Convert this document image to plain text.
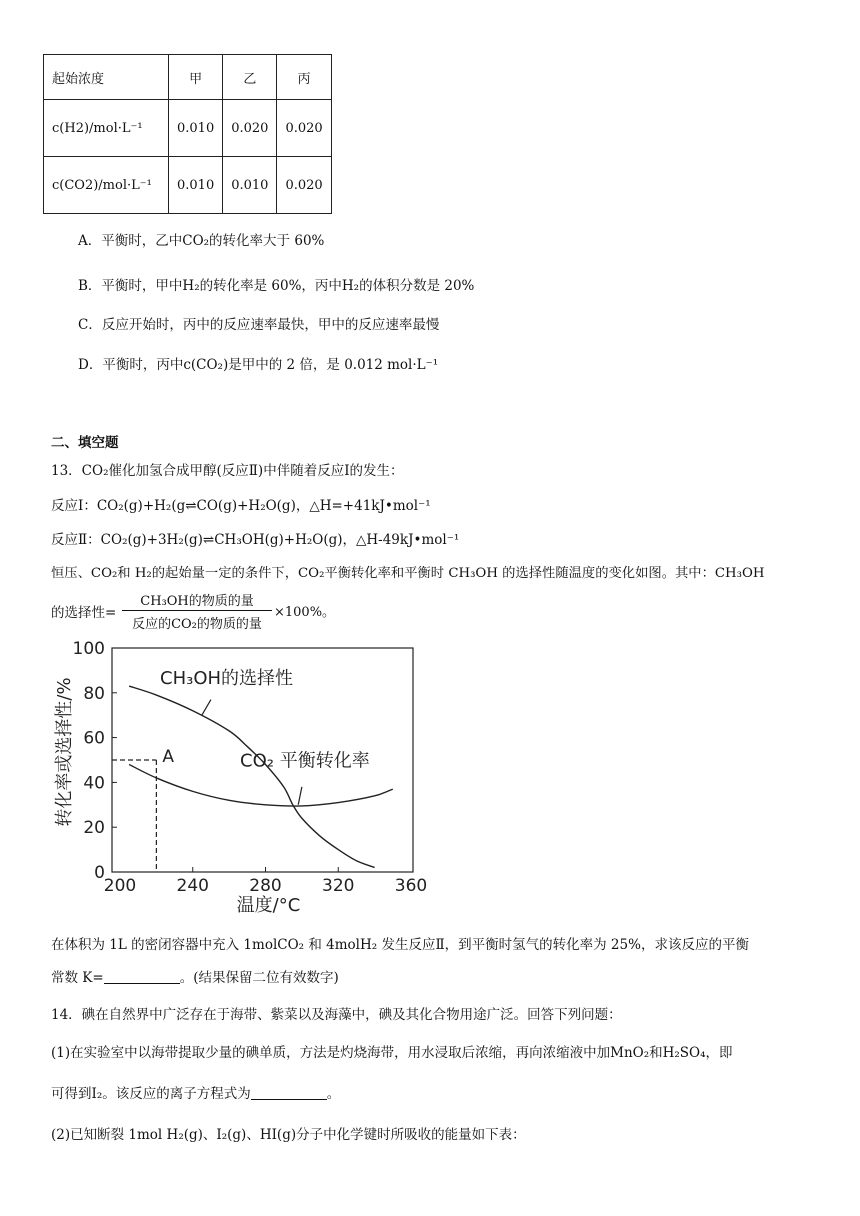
起始浓度	甲	乙	丙
c(H2)/mol·L⁻¹	0.010	0.020	0.020
c(CO2)/mol·L⁻¹	0.010	0.010	0.020
A．平衡时，乙中CO₂的转化率大于 60%
B．平衡时，甲中H₂的转化率是 60%，丙中H₂的体积分数是 20%
C．反应开始时，丙中的反应速率最快，甲中的反应速率最慢
D．平衡时，丙中c(CO₂)是甲中的 2 倍，是 0.012 mol·L⁻¹
二、填空题
13．CO₂催化加氢合成甲醇(反应Ⅱ)中伴随着反应Ⅰ的发生：
反应Ⅰ：CO₂(g)+H₂(g⇌CO(g)+H₂O(g)，△H=+41kJ•mol⁻¹
反应Ⅱ：CO₂(g)+3H₂(g)⇌CH₃OH(g)+H₂O(g)，△H-49kJ•mol⁻¹
恒压、CO₂和 H₂的起始量一定的条件下，CO₂平衡转化率和平衡时 CH₃OH 的选择性随温度的变化如图。其中：CH₃OH
的选择性=
CH₃OH的物质的量
反应的CO₂的物质的量
×100%。
0
20
40
60
80
100
200 240 280 320 360
温度/°C
转化率或选择性/%	CH₃OH的选择性
CO₂ 平衡转化率
A
在体积为 1L 的密闭容器中充入 1molCO₂ 和 4molH₂ 发生反应Ⅱ，到平衡时氢气的转化率为 25%，求该反应的平衡
常数 K=	。(结果保留二位有效数字)
14．碘在自然界中广泛存在于海带、紫菜以及海藻中，碘及其化合物用途广泛。回答下列问题：
(1)在实验室中以海带提取少量的碘单质，方法是灼烧海带，用水浸取后浓缩，再向浓缩液中加MnO₂和H₂SO₄，即
可得到I₂。该反应的离子方程式为	。
(2)已知断裂 1mol H₂(g)、I₂(g)、HI(g)分子中化学键时所吸收的能量如下表：
